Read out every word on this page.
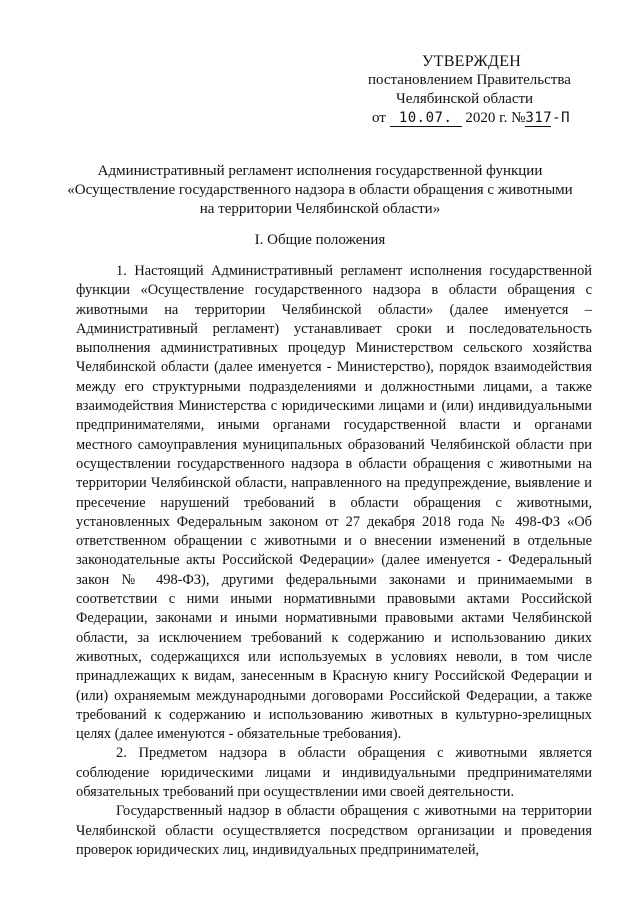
УТВЕРЖДЕН
постановлением Правительства
Челябинской области
от 10.07. 2020 г. №317-П
Административный регламент исполнения государственной функции
«Осуществление государственного надзора в области обращения с животными
на территории Челябинской области»
I. Общие положения

1. Настоящий Административный регламент исполнения государственной функции «Осуществление государственного надзора в области обращения с животными на территории Челябинской области» (далее именуется – Административный регламент) устанавливает сроки и последовательность выполнения административных процедур Министерством сельского хозяйства Челябинской области (далее именуется - Министерство), порядок взаимодействия между его структурными подразделениями и должностными лицами, а также взаимодействия Министерства с юридическими лицами и (или) индивидуальными предпринимателями, иными органами государственной власти и органами местного самоуправления муниципальных образований Челябинской области при осуществлении государственного надзора в области обращения с животными на территории Челябинской области, направленного на предупреждение, выявление и пресечение нарушений требований в области обращения с животными, установленных Федеральным законом от 27 декабря 2018 года № 498-ФЗ «Об ответственном обращении с животными и о внесении изменений в отдельные законодательные акты Российской Федерации» (далее именуется - Федеральный закон № 498-ФЗ), другими федеральными законами и принимаемыми в соответствии с ними иными нормативными правовыми актами Российской Федерации, законами и иными нормативными правовыми актами Челябинской области, за исключением требований к содержанию и использованию диких животных, содержащихся или используемых в условиях неволи, в том числе принадлежащих к видам, занесенным в Красную книгу Российской Федерации и (или) охраняемым международными договорами Российской Федерации, а также требований к содержанию и использованию животных в культурно-зрелищных целях (далее именуются - обязательные требования).

2. Предметом надзора в области обращения с животными является соблюдение юридическими лицами и индивидуальными предпринимателями обязательных требований при осуществлении ими своей деятельности.

Государственный надзор в области обращения с животными на территории Челябинской области осуществляется посредством организации и проведения проверок юридических лиц, индивидуальных предпринимателей,
